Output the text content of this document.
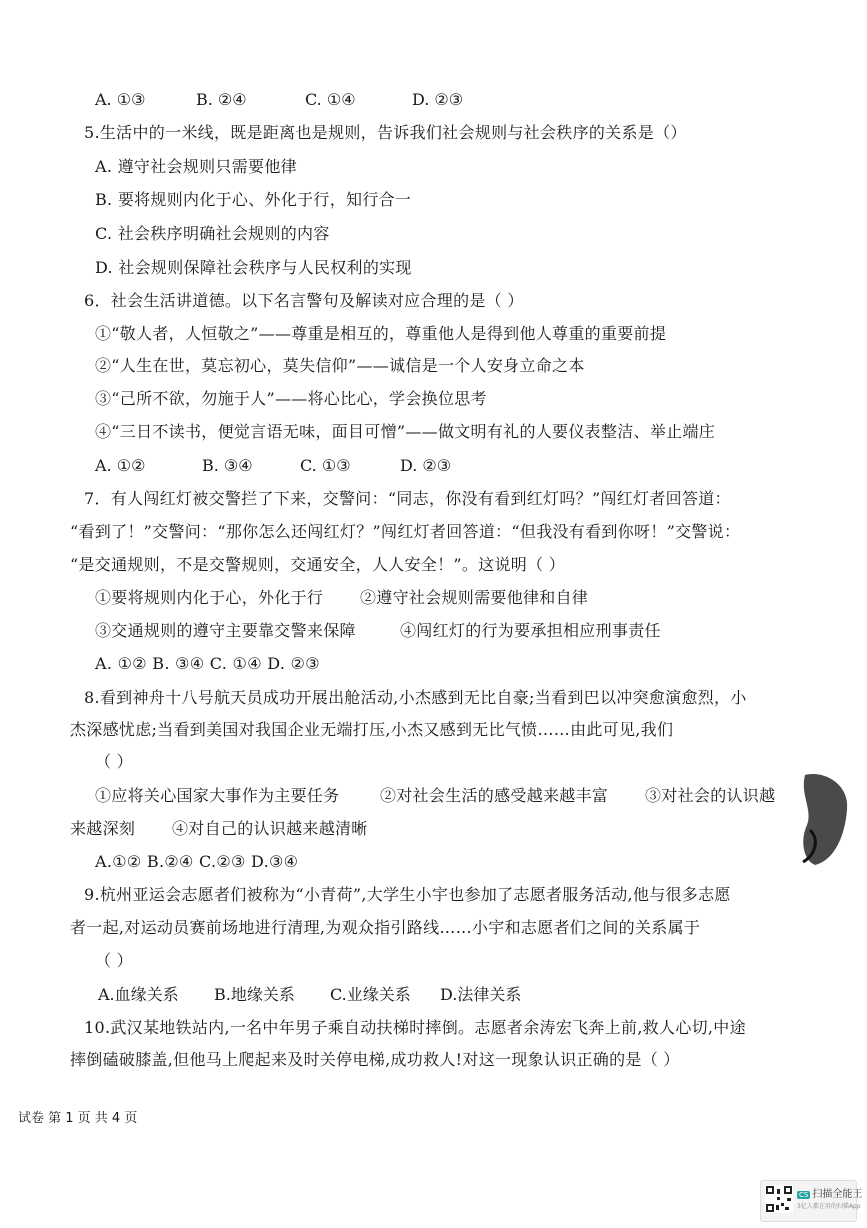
A. ①③	B. ②④	C. ①④	D. ②③
5.生活中的一米线，既是距离也是规则，告诉我们社会规则与社会秩序的关系是（）
A. 遵守社会规则只需要他律
B. 要将规则内化于心、外化于行，知行合一
C. 社会秩序明确社会规则的内容
D. 社会规则保障社会秩序与人民权利的实现
6．社会生活讲道德。以下名言警句及解读对应合理的是（ ）
①“敬人者，人恒敬之”——尊重是相互的，尊重他人是得到他人尊重的重要前提
②“人生在世，莫忘初心，莫失信仰”——诚信是一个人安身立命之本
③“己所不欲，勿施于人”——将心比心，学会换位思考
④“三日不读书，便觉言语无味，面目可憎”——做文明有礼的人要仪表整洁、举止端庄
A. ①②	B. ③④	C. ①③	D. ②③
7．有人闯红灯被交警拦了下来，交警问：“同志，你没有看到红灯吗？”闯红灯者回答道：
“看到了！”交警问：“那你怎么还闯红灯？”闯红灯者回答道：“但我没有看到你呀！”交警说：
“是交通规则，不是交警规则，交通安全，人人安全！”。这说明（ ）
①要将规则内化于心，外化于行 ②遵守社会规则需要他律和自律
③交通规则的遵守主要靠交警来保障	④闯红灯的行为要承担相应刑事责任
A. ①② B. ③④ C. ①④ D. ②③
8.看到神舟十八号航天员成功开展出舱活动,小杰感到无比自豪;当看到巴以冲突愈演愈烈，小
杰深感忧虑;当看到美国对我国企业无端打压,小杰又感到无比气愤……由此可见,我们
（ ）
①应将关心国家大事作为主要任务	②对社会生活的感受越来越丰富 ③对社会的认识越
来越深刻 ④对自己的认识越来越清晰
A.①② B.②④ C.②③ D.③④
9.杭州亚运会志愿者们被称为“小青荷”,大学生小宇也参加了志愿者服务活动,他与很多志愿
者一起,对运动员赛前场地进行清理,为观众指引路线……小宇和志愿者们之间的关系属于
（ ）
A.血缘关系 B.地缘关系 C.业缘关系 D.法律关系
10.武汉某地铁站内,一名中年男子乘自动扶梯时摔倒。志愿者余涛宏飞奔上前,救人心切,中途
摔倒磕破膝盖,但他马上爬起来及时关停电梯,成功救人!对这一现象认识正确的是（ ）
试卷 第 1 页 共 4 页
CS 扫描全能王
3亿人都在用的扫描App
